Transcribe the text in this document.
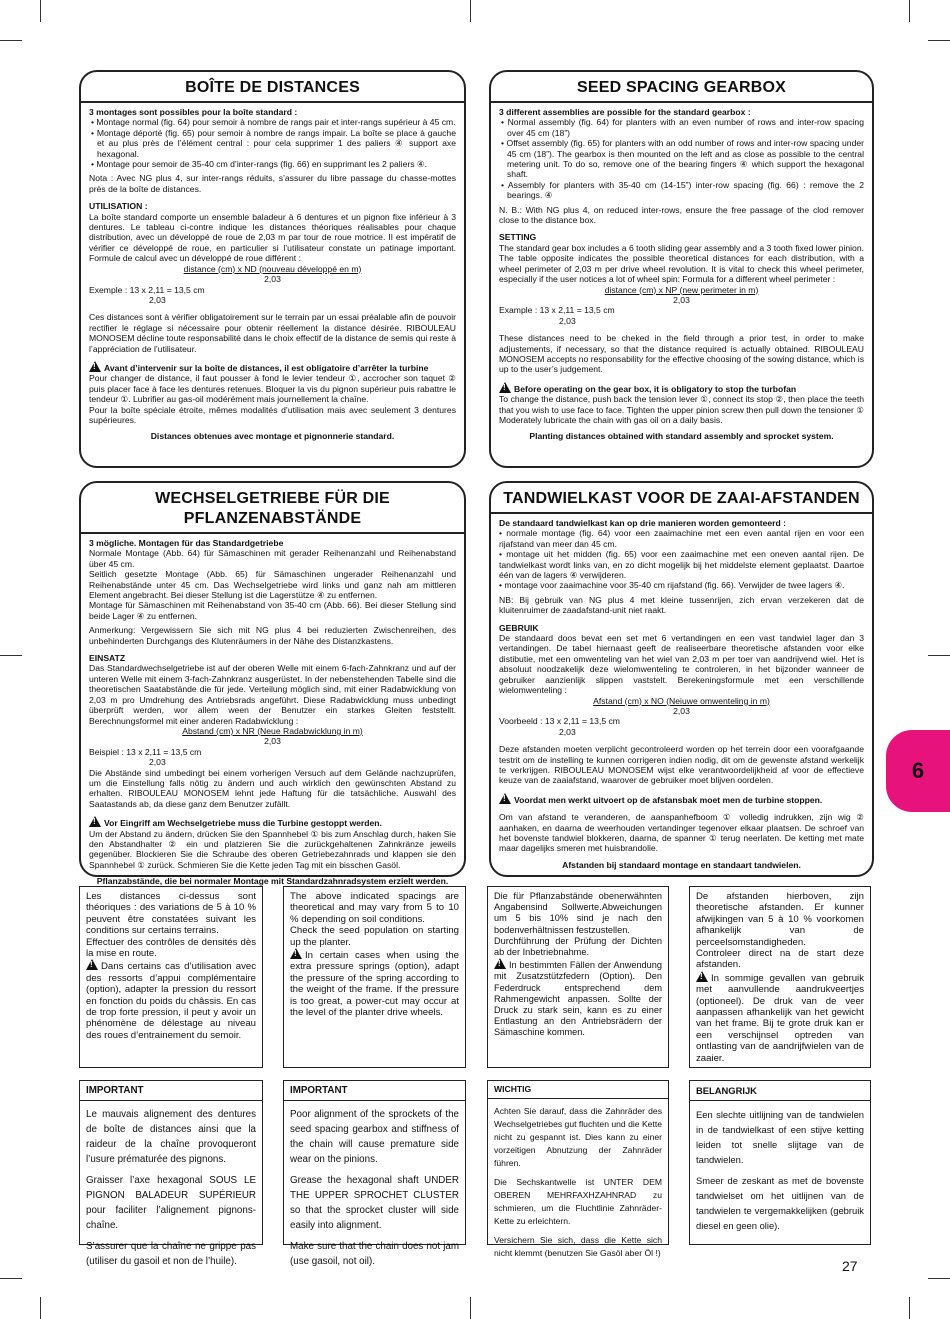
BOÎTE DE DISTANCES

3 montages sont possibles pour la boîte standard :

• Montage normal (fig. 64) pour semoir à nombre de rangs pair et inter-rangs supérieur à 45 cm.

• Montage déporté (fig. 65) pour semoir à nombre de rangs impair. La boîte se place à gauche et au plus près de l’élément central : pour cela supprimer 1 des paliers ④ support axe hexagonal.

• Montage pour semoir de 35-40 cm d’inter-rangs (fig. 66) en supprimant les 2 paliers ④.

Nota : Avec NG plus 4, sur inter-rangs réduits, s’assurer du libre passage du chasse-mottes près de la boîte de distances.

UTILISATION :

La boîte standard comporte un ensemble baladeur à 6 dentures et un pignon fixe inférieur à 3 dentures. Le tableau ci-contre indique les distances théoriques réalisables pour chaque distribution, avec un développé de roue de 2,03 m par tour de roue motrice. Il est impératif de vérifier ce développé de roue, en particulier si l’utilisateur constate un patinage important. Formule de calcul avec un développé de roue différent :

distance (cm) x ND (nouveau développé en m)
2,03

Exemple : 13 x 2,11 = 13,5 cm

2,03

Ces distances sont à vérifier obligatoirement sur le terrain par un essai préalable afin de pouvoir rectifier le réglage si nécessaire pour obtenir réellement la distance désirée. RIBOULEAU MONOSEM décline toute responsabilité dans le choix effectif de la distance de semis qui reste à l’appréciation de l’utilisateur.

!Avant d’intervenir sur la boîte de distances, il est obligatoire d’arrêter la turbine

Pour changer de distance, il faut pousser à fond le levier tendeur ①, accrocher son taquet ② puis placer face à face les dentures retenues. Bloquer la vis du pignon supérieur puis rabattre le tendeur ①. Lubrifier au gas-oil modérément mais journellement la chaîne.

Pour la boîte spéciale étroite, mêmes modalités d’utilisation mais avec seulement 3 dentures supérieures.

Distances obtenues avec montage et pignonnerie standard.

SEED SPACING GEARBOX

3 different assemblies are possible for the standard gearbox :

• Normal assembly (fig. 64) for planters with an even number of rows and inter-row spacing over 45 cm (18”)

• Offset assembly (fig. 65) for planters with an odd number of rows and inter-row spacing under 45 cm (18”). The gearbox is then mounted on the left and as close as possible to the central metering unit. To do so, remove one of the bearing fingers ④ which support the hexagonal shaft.

• Assembly for planters with 35-40 cm (14-15”) inter-row spacing (fig. 66) : remove the 2 bearings. ④

N. B.: With NG plus 4, on reduced inter-rows, ensure the free passage of the clod remover close to the distance box.

SETTING

The standard gear box includes a 6 tooth sliding gear assembly and a 3 tooth fixed lower pinion. The table opposite indicates the possible theoretical distances for each distribution, with a wheel perimeter of 2,03 m per drive wheel revolution. It is vital to check this wheel perimeter, especially if the user notices a lot of wheel spin: Formula for a different wheel perimeter :

distance (cm) x NP (new perimeter in m)
2,03

Example : 13 x 2,11 = 13,5 cm

2,03

These distances need to be cheked in the field through a prior test, in order to make adjustements, if necessary, so that the distance required is actually obtained. RIBOULEAU MONOSEM accepts no responsability for the effective choosing of the sowing distance, which is up to the user’s judgement.

!Before operating on the gear box, it is obligatory to stop the turbofan

To change the distance, push back the tension lever ①, connect its stop ②, then place the teeth that you wish to use face to face. Tighten the upper pinion screw then pull down the tensioner ① Moderately lubricate the chain with gas oil on a daily basis.

Planting distances obtained with standard assembly and sprocket system.

WECHSELGETRIEBE FÜR DIE PFLANZENABSTÄNDE

3 mögliche. Montagen für das Standardgetriebe

Normale Montage (Abb. 64) für Sämaschinen mit gerader Reihenanzahl und Reihenabstand über 45 cm.

Seitlich gesetzte Montage (Abb. 65) für Sämaschinen ungerader Reihenanzahl und Reihenabstände unter 45 cm. Das Wechselgetriebe wird links und ganz nah am mittleren Element angebracht. Bei dieser Stellung ist die Lagerstütze ④ zu entfernen.

Montage für Sämaschinen mit Reihenabstand von 35-40 cm (Abb. 66). Bei dieser Stellung sind beide Lager ④ zu entfernen.

Anmerkung: Vergewissern Sie sich mit NG plus 4 bei reduzierten Zwischenreihen, des unbehinderten Durchgangs des Klutenräumers in der Nähe des Distanzkastens.

EINSATZ

Das Standardwechselgetriebe ist auf der oberen Welle mit einem 6-fach-Zahnkranz und auf der unteren Welle mit einem 3-fach-Zahnkranz ausgerüstet. In der nebenstehenden Tabelle sind die theoretischen Saatabstände die für jede. Verteilung möglich sind, mit einer Radabwicklung von 2,03 m pro Umdrehung des Antriebsrads angeführt. Diese Radabwicklung muss unbedingt überprüft werden, wor allem ween der Benutzer ein starkes Gleiten feststellt. Berechnungsformel mit einer anderen Radabwicklung :

Abstand (cm) x NR (Neue Radabwicklung in m)
2,03

Beispiel : 13 x 2,11 = 13,5 cm

2,03

Die Abstände sind umbedingt bei einem vorherigen Versuch auf dem Gelände nachzuprüfen, um die Einstellung falls nötig zu ändern und auch wirklich den gewünschten Abstand zu erhalten. RIBOULEAU MONOSEM lehnt jede Haftung für die tatsächliche. Auswahl des Saatastands ab, da diese ganz dem Benutzer zufällt.

!Vor Eingriff am Wechselgetriebe muss die Turbine gestoppt werden.

Um der Abstand zu ändern, drücken Sie den Spannhebel ① bis zum Anschlag durch, haken Sie den Abstandhalter ② ein und platzieren Sie die zurückgehaltenen Zahnkränze jeweils gegenüber. Blockieren Sie die Schraube des oberen Getriebezahnrads und klappen sie den Spannhebel ① zurück. Schmieren Sie die Kette jeden Tag mit ein bisschen Gasöl.

Pflanzabstände, die bei normaler Montage mit Standardzahnradsystem erzielt werden.

TANDWIELKAST VOOR DE ZAAI-AFSTANDEN

De standaard tandwielkast kan op drie manieren worden gemonteerd :

• normale montage (fig. 64) voor een zaaimachine met een even aantal rijen en voor een rijafstand van meer dan 45 cm.

• montage uit het midden (fig. 65) voor een zaaimachine met een oneven aantal rijen. De tandwielkast wordt links van, en zo dicht mogelijk bij het middelste element geplaatst. Daartoe één van de lagers ④ verwijderen.

• montage voor zaaimachine voor 35-40 cm rijafstand (fig. 66). Verwijder de twee lagers ④.

NB: Bij gebruik van NG plus 4 met kleine tussenrijen, zich ervan verzekeren dat de kluitenruimer de zaadafstand-unit niet raakt.

GEBRUIK

De standaard doos bevat een set met 6 vertandingen en een vast tandwiel lager dan 3 vertandingen. De tabel hiernaast geeft de realiseerbare theoretische afstanden voor elke distibutie, met een omwenteling van het wiel van 2,03 m per toer van aandrijvend wiel. Het is absoluut noodzakelijk deze wielomwenteling te controleren, in het bijzonder wanneer de gebruiker aanzienlijk slippen vaststelt. Berekeningsformule met een verschillende wielomwenteling :

Afstand (cm) x NO (Neiuwe omwenteling in m)
2,03

Voorbeeld : 13 x 2,11 = 13,5 cm

2,03

Deze afstanden moeten verplicht gecontroleerd worden op het terrein door een voorafgaande testrit om de instelling te kunnen corrigeren indien nodig, dit om de gewenste afstand werkelijk te verkrijgen. RIBOULEAU MONOSEM wijst elke verantwoordelijkheid af voor de effectieve keuze van de zaaiafstand, waarover de gebruiker moet blijven oordelen.

!Voordat men werkt uitvoert op de afstansbak moet men de turbine stoppen.

Om van afstand te veranderen, de aanspanhefboom ① volledig indrukken, zijn wig ② aanhaken, en daarna de weerhouden vertandinger tegenover elkaar plaatsen. De schroef van het bovenste tandwiel blokkeren, daarna, de spanner ① terug neerlaten. De ketting met mate maar dagelijks smeren met huisbrandolie.

Afstanden bij standaard montage en standaart tandwielen.

6

Les distances ci-dessus sont théoriques : des variations de 5 à 10 % peuvent être constatées suivant les conditions sur certains terrains.

Effectuer des contrôles de densités dès la mise en route.

!Dans certains cas d’utilisation avec des ressorts d’appui complémentaire (option), adapter la pression du ressort en fonction du poids du châssis. En cas de trop forte pression, il peut y avoir un phénomène de délestage au niveau des roues d’entrainement du semoir.

The above indicated spacings are theoretical and may vary from 5 to 10 % depending on soil conditions.

Check the seed population on starting up the planter.

!In certain cases when using the extra pressure springs (option), adapt the pressure of the spring according to the weight of the frame. If the pressure is too great, a power-cut may occur at the level of the planter drive wheels.

Die für Pflanzabstände obenerwähnten Angabensind Sollwerte.Abweichungen um 5 bis 10% sind je nach den bodenverhältnissen festzustellen.

Durchführung der Prüfung der Dichten ab der Inbetriebnahme.

!In bestimmten Fällen der Anwendung mit Zusatzstützfedern (Option). Den Federdruck entsprechend dem Rahmengewicht anpassen. Sollte der Druck zu stark sein, kann es zu einer Entlastung an den Antriebsrädern der Sämaschine kommen.

De afstanden hierboven, zijn theoretische afstanden. Er kunner afwijkingen van 5 à 10 % voorkomen afhankelijk van de perceelsomstandigheden.

Controleer direct na de start deze afstanden.

!In sommige gevallen van gebruik met aanvullende aandrukveertjes (optioneel). De druk van de veer aanpassen afhankelijk van het gewicht van het frame. Bij te grote druk kan er een verschijnsel optreden van ontlasting van de aandrijfwielen van de zaaier.

IMPORTANT

Le mauvais alignement des dentures de boîte de distances ainsi que la raideur de la chaîne provoqueront l’usure prématurée des pignons.

Graisser l’axe hexagonal SOUS LE PIGNON BALADEUR SUPÉRIEUR pour faciliter l’alignement pignons-chaîne.

S’assurer que la chaîne ne grippe pas (utiliser du gasoil et non de l’huile).

IMPORTANT

Poor alignment of the sprockets of the seed spacing gearbox and stiffness of the chain will cause premature side wear on the pinions.

Grease the hexagonal shaft UNDER THE UPPER SPROCHET CLUSTER so that the sprocket cluster will side easily into alignment.

Make sure that the chain does not jam (use gasoil, not oil).

WICHTIG

Achten Sie darauf, dass die Zahnräder des Wechselgetriebes gut fluchten und die Kette nicht zu gespannt ist. Dies kann zu einer vorzeitigen Abnutzung der Zahnräder führen.

Die Sechskantwelle ist UNTER DEM OBEREN MEHRFAXHZAHNRAD zu schmieren, um die Fluchtlinie Zahnräder-Kette zu erleichtern.

Versichern Sie sich, dass die Kette sich nicht klemmt (benutzen Sie Gasöl aber Öl !)

BELANGRIJK

Een slechte uitlijning van de tandwielen in de tandwielkast of een stijve ketting leiden tot snelle slijtage van de tandwielen.

Smeer de zeskant as met de bovenste tandwielset om het uitlijnen van de tandwielen te vergemakkelijken (gebruik diesel en geen olie).

27
